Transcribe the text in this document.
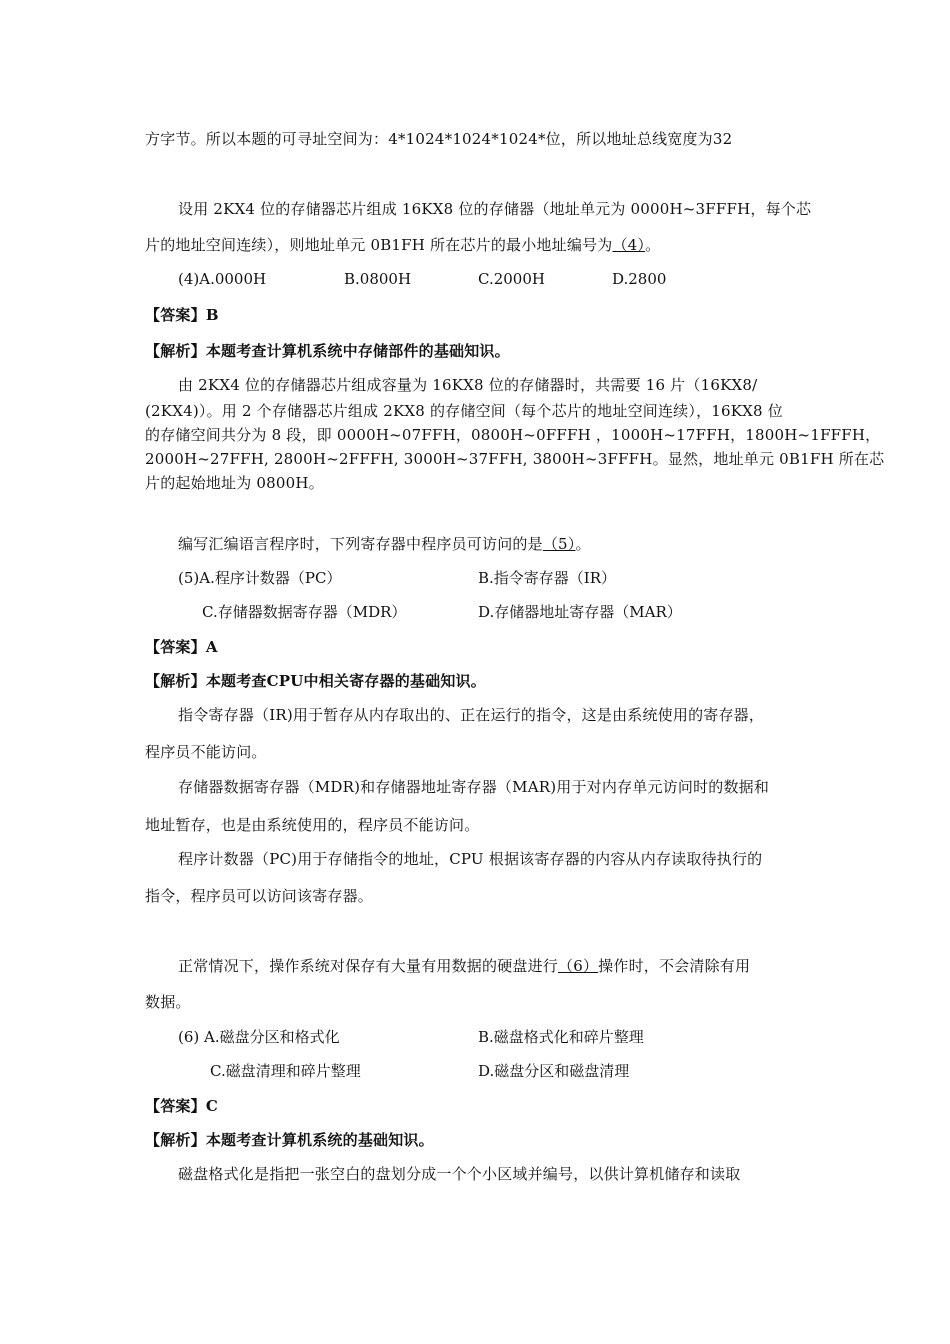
方字节。所以本题的可寻址空间为：4*1024*1024*1024*位，所以地址总线宽度为32
设用 2KX4 位的存储器芯片组成 16KX8 位的存储器（地址单元为 0000H~3FFFH，每个芯
片的地址空间连续），则地址单元 0B1FH 所在芯片的最小地址编号为（4）。
(4)A.0000H	B.0800H	C.2000H	D.2800
【答案】B
【解析】本题考查计算机系统中存储部件的基础知识。
由 2KX4 位的存储器芯片组成容量为 16KX8 位的存储器时，共需要 16 片（16KX8/
(2KX4)）。用 2 个存储器芯片组成 2KX8 的存储空间（每个芯片的地址空间连续），16KX8 位
的存储空间共分为 8 段，即 0000H~07FFH，0800H~0FFFH ，1000H~17FFH，1800H~1FFFH，
2000H~27FFH, 2800H~2FFFH, 3000H~37FFH, 3800H~3FFFH。显然，地址单元 0B1FH 所在芯
片的起始地址为 0800H。
编写汇编语言程序时，下列寄存器中程序员可访问的是（5）。
(5)A.程序计数器（PC）	B.指令寄存器（IR）
C.存储器数据寄存器（MDR）	D.存储器地址寄存器（MAR）
【答案】A
【解析】本题考查CPU中相关寄存器的基础知识。
指令寄存器（IR)用于暂存从内存取出的、正在运行的指令，这是由系统使用的寄存器，
程序员不能访问。
存储器数据寄存器（MDR)和存储器地址寄存器（MAR)用于对内存单元访问时的数据和
地址暂存，也是由系统使用的，程序员不能访问。
程序计数器（PC)用于存储指令的地址，CPU 根据该寄存器的内容从内存读取待执行的
指令，程序员可以访问该寄存器。
正常情况下，操作系统对保存有大量有用数据的硬盘进行（6）操作时，不会清除有用
数据。
(6) A.磁盘分区和格式化	B.磁盘格式化和碎片整理
C.磁盘清理和碎片整理	D.磁盘分区和磁盘清理
【答案】C
【解析】本题考查计算机系统的基础知识。
磁盘格式化是指把一张空白的盘划分成一个个小区域并编号，以供计算机储存和读取
